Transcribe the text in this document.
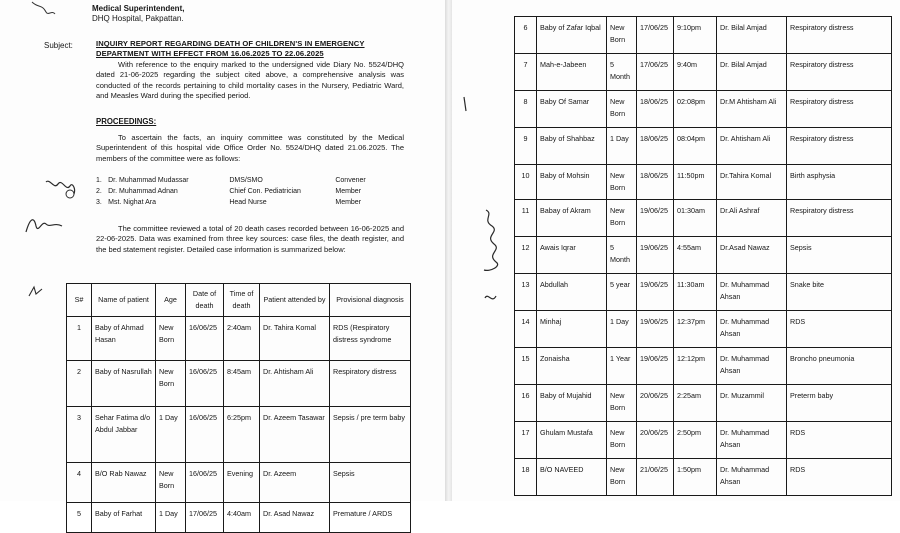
Medical Superintendent,
DHQ Hospital, Pakpattan.
Subject:	INQUIRY REPORT REGARDING DEATH OF CHILDREN'S IN EMERGENCY DEPARTMENT WITH EFFECT FROM 16.06.2025 TO 22.06.2025
With reference to the enquiry marked to the undersigned vide Diary No. 5524/DHQ dated 21-06-2025 regarding the subject cited above, a comprehensive analysis was conducted of the records pertaining to child mortality cases in the Nursery, Pediatric Ward, and Measles Ward during the specified period.
PROCEEDINGS:
To ascertain the facts, an inquiry committee was constituted by the Medical Superintendent of this hospital vide Office Order No. 5524/DHQ dated 21.06.2025. The members of the committee were as follows:
1.	Dr. Muhammad Mudassar	DMS/SMO	Convener
2.	Dr. Muhammad Adnan	Chief Con. Pediatrician	Member
3.	Mst. Nighat Ara	Head Nurse	Member
The committee reviewed a total of 20 death cases recorded between 16-06-2025 and 22-06-2025. Data was examined from three key sources: case files, the death register, and the bed statement register. Detailed case information is summarized below:
S#	Name of patient	Age	Date of death	Time of death	Patient attended by	Provisional diagnosis
1	Baby of Ahmad Hasan	New Born	16/06/25	2:40am	Dr. Tahira Komal	RDS (Respiratory distress syndrome
2	Baby of Nasrullah	New Born	16/06/25	8:45am	Dr. Ahtisham Ali	Respiratory distress
3	Sehar Fatima d/o Abdul Jabbar	1 Day	16/06/25	6:25pm	Dr. Azeem Tasawar	Sepsis / pre term baby
4	B/O Rab Nawaz	New Born	16/06/25	Evening	Dr. Azeem	Sepsis
5	Baby of Farhat	1 Day	17/06/25	4:40am	Dr. Asad Nawaz	Premature / ARDS
6	Baby of Zafar Iqbal	New Born	17/06/25	9:10pm	Dr. Bilal Amjad	Respiratory distress
7	Mah-e-Jabeen	5 Month	17/06/25	9:40m	Dr. Bilal Amjad	Respiratory distress
8	Baby Of Samar	New Born	18/06/25	02:08pm	Dr.M Ahtisham Ali	Respiratory distress
9	Baby of Shahbaz	1 Day	18/06/25	08:04pm	Dr. Ahtisham Ali	Respiratory distress
10	Baby of Mohsin	New Born	18/06/25	11:50pm	Dr.Tahira Komal	Birth asphysia
11	Babay of Akram	New Born	19/06/25	01:30am	Dr.Ali Ashraf	Respiratory distress
12	Awais Iqrar	5 Month	19/06/25	4:55am	Dr.Asad Nawaz	Sepsis
13	Abdullah	5 year	19/06/25	11:30am	Dr. Muhammad Ahsan	Snake bite
14	Minhaj	1 Day	19/06/25	12:37pm	Dr. Muhammad Ahsan	RDS
15	Zonaisha	1 Year	19/06/25	12:12pm	Dr. Muhammad Ahsan	Broncho pneumonia
16	Baby of Mujahid	New Born	20/06/25	2:25am	Dr. Muzammil	Preterm baby
17	Ghulam Mustafa	New Born	20/06/25	2:50pm	Dr. Muhammad Ahsan	RDS
18	B/O NAVEED	New Born	21/06/25	1:50pm	Dr. Muhammad Ahsan	RDS
